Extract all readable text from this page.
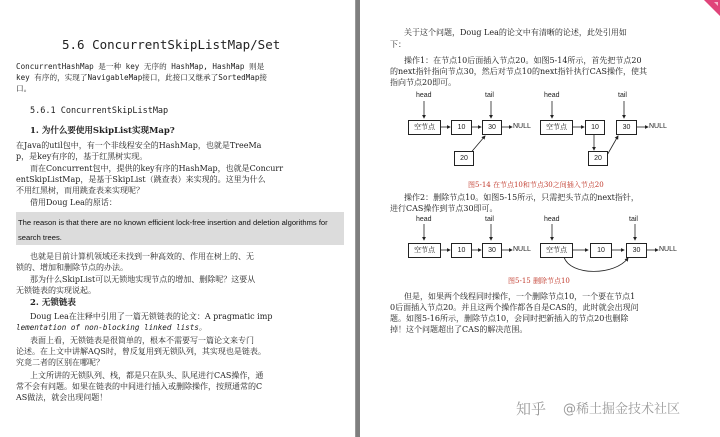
5.6 ConcurrentSkipListMap/Set
ConcurrentHashMap 是一种 key 无序的 HashMap, HashMap 则是
key 有序的，实现了NavigableMap接口，此接口又继承了SortedMap接
口。
5.6.1 ConcurrentSkipListMap
1. 为什么要使用SkipList实现Map?
在Java的util包中，有一个非线程安全的HashMap，也就是TreeMa
p，是key有序的，基于红黑树实现。
而在Concurrent包中，提供的key有序的HashMap，也就是Concurr
entSkipListMap，是基于SkipList（跳查表）来实现的。这里为什么
不用红黑树，而用跳查表来实现呢？
借用Doug Lea的原话：
The reason is that there are no known efficient lock-free insertion and deletion algorithms for
search trees.
也就是目前计算机领域还未找到一种高效的、作用在树上的、无
锁的、增加和删除节点的办法。
那为什么SkipList可以无锁地实现节点的增加、删除呢？这要从
无锁链表的实现说起。
2. 无锁链表
Doug Lea在注释中引用了一篇无锁链表的论文：A pragmatic imp
lementation of non-blocking linked lists。
表面上看，无锁链表是很简单的，根本不需要写一篇论文来专门
论述。在上文中讲解AQS时，曾反复用到无锁队列，其实现也是链表。
究竟二者的区别在哪呢？
上文所讲的无锁队列、栈，都是只在队头、队尾进行CAS操作，通
常不会有问题。如果在链表的中间进行插入或删除操作，按照通常的C
AS做法，就会出现问题！
关于这个问题，Doug Lea的论文中有清晰的论述，此处引用如
下：
操作1：在节点10后面插入节点20。如图5-14所示，首先把节点20
的next指针指向节点30，然后对节点10的next指针执行CAS操作，使其
指向节点20即可。
head	tail
空节点	10	30	NULL
20
head	tail
空节点	10	30	NULL
20
图5-14 在节点10和节点30之间插入节点20
操作2：删除节点10。如图5-15所示，只需把头节点的next指针，
进行CAS操作到节点30即可。
head	tail
空节点	10	30	NULL
head	tail
空节点	10	30	NULL
图5-15 删除节点10
但是，如果两个线程同时操作，一个删除节点10，一个要在节点1
0后面插入节点20。并且这两个操作都各自是CAS的，此时就会出现问
题。如图5-16所示，删除节点10，会同时把新插入的节点20也删除
掉！这个问题超出了CAS的解决范围。
知乎 @稀土掘金技术社区
